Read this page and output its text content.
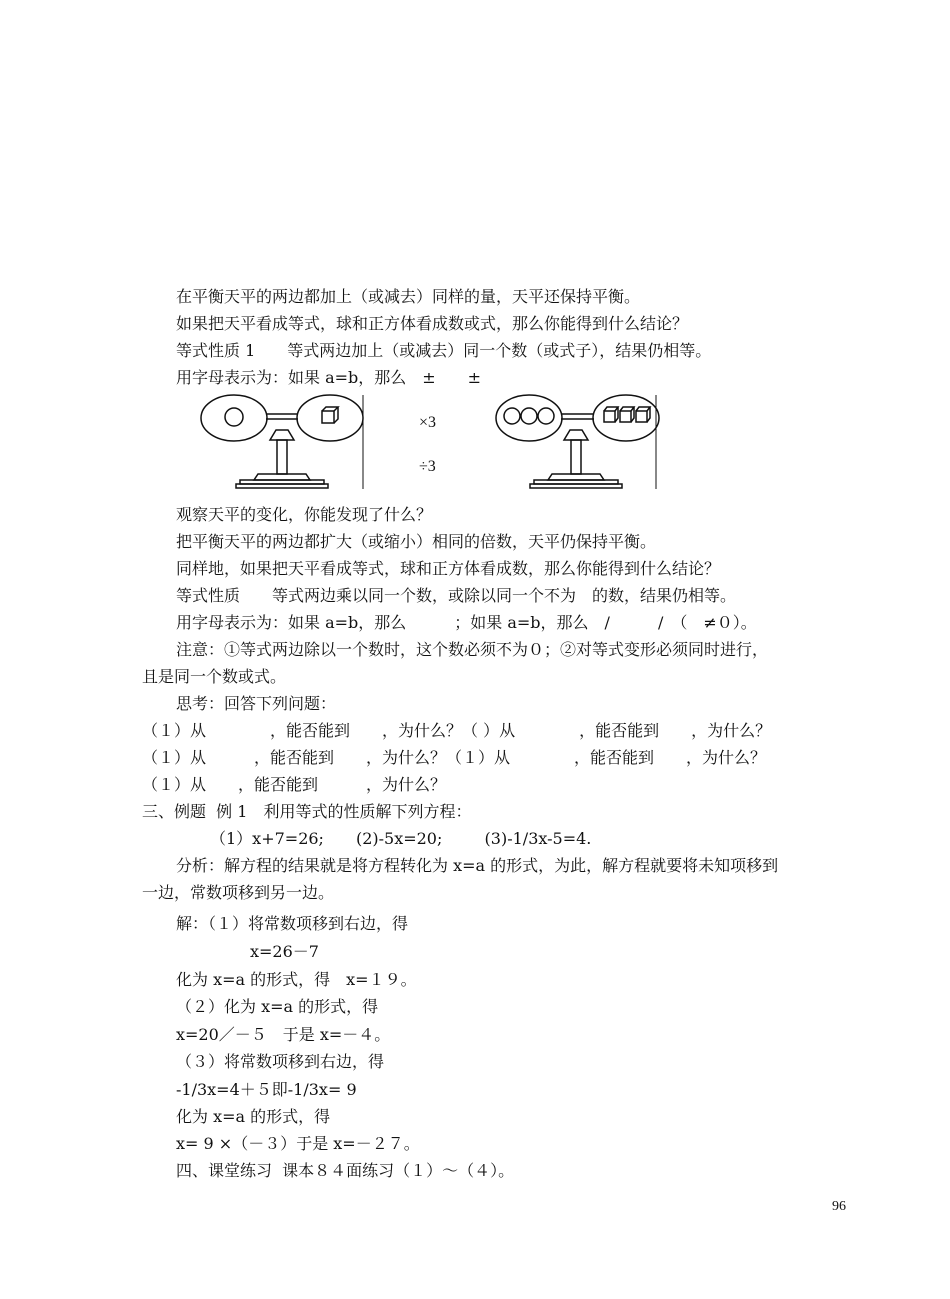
在平衡天平的两边都加上（或减去）同样的量，天平还保持平衡。
如果把天平看成等式，球和正方体看成数或式，那么你能得到什么结论？
等式性质 1　　等式两边加上（或减去）同一个数（或式子），结果仍相等。
用字母表示为：如果 a=b，那么　±　　±
×3
÷3
观察天平的变化，你能发现了什么？
把平衡天平的两边都扩大（或缩小）相同的倍数，天平仍保持平衡。
同样地，如果把天平看成等式，球和正方体看成数，那么你能得到什么结论？
等式性质　　等式两边乘以同一个数，或除以同一个不为　的数，结果仍相等。
用字母表示为：如果 a=b，那么　　　；如果 a=b，那么　/　　　/　（　≠０）。
注意：①等式两边除以一个数时，这个数必须不为０；②对等式变形必须同时进行，
且是同一个数或式。
思考：回答下列问题：
（１）从　　　　，能否能到　　，为什么？（ ）从　　　　，能否能到　　，为什么？
（１）从　　　，能否能到　　，为什么？（１）从　　　　，能否能到　　，为什么？
（１）从　　，能否能到　　　，为什么？
三、例题  例 1　利用等式的性质解下列方程：
（1）x+7=26;　　(2)-5x=20;　　  (3)-1/3x-5=4.
分析：解方程的结果就是将方程转化为 x=a 的形式，为此，解方程就要将未知项移到
一边，常数项移到另一边。
解：（１）将常数项移到右边，得
x=26－7
化为 x=a 的形式，得　x=１９。
（２）化为 x=a 的形式，得
x=20／－５　于是 x=－４。
（３）将常数项移到右边，得
-1/3x=4＋５即-1/3x= 9
化为 x=a 的形式，得
x= 9 ×（－３）于是 x=－２７。
四、课堂练习  课本８４面练习（１）～（４）。
96
